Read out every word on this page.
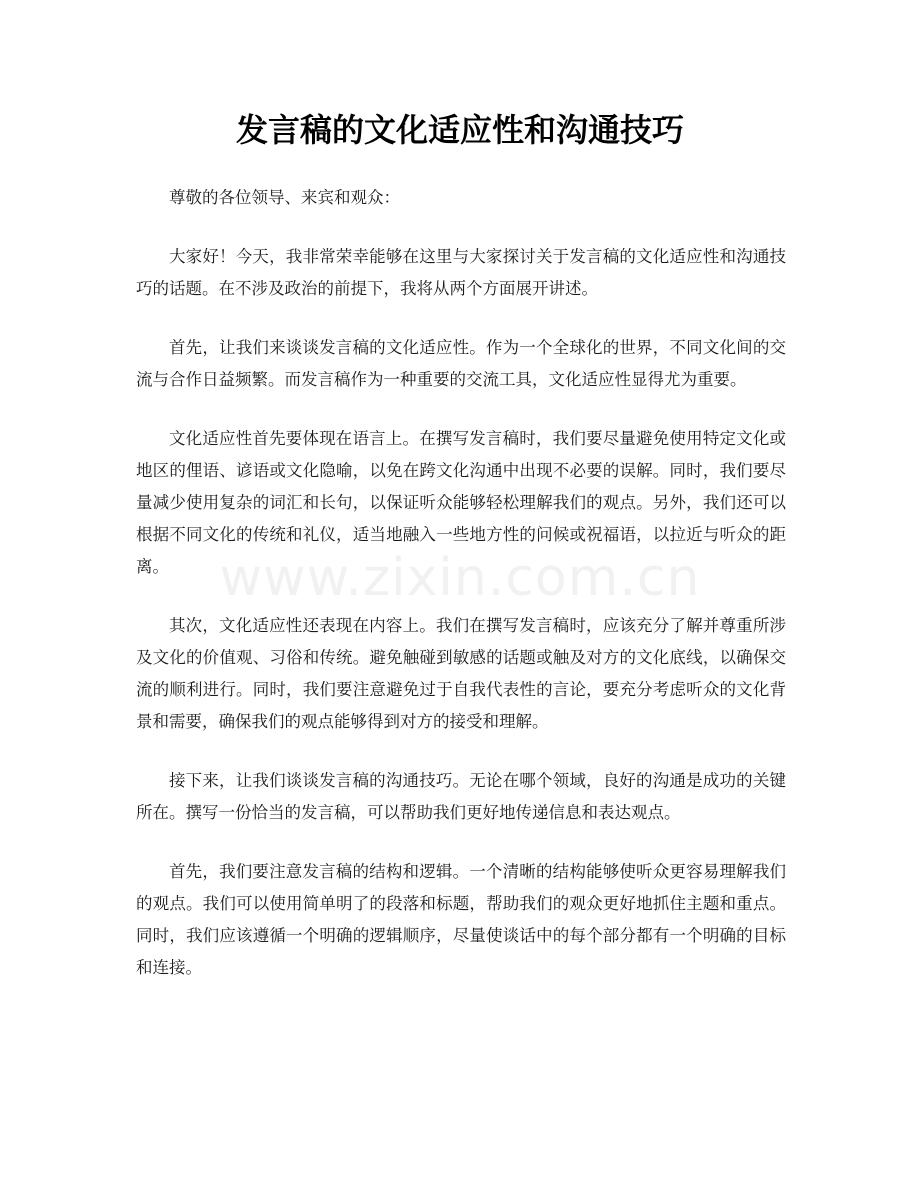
发言稿的文化适应性和沟通技巧

尊敬的各位领导、来宾和观众：

大家好！今天，我非常荣幸能够在这里与大家探讨关于发言稿的文化适应性和沟通技巧的话题。在不涉及政治的前提下，我将从两个方面展开讲述。

首先，让我们来谈谈发言稿的文化适应性。作为一个全球化的世界，不同文化间的交流与合作日益频繁。而发言稿作为一种重要的交流工具，文化适应性显得尤为重要。

文化适应性首先要体现在语言上。在撰写发言稿时，我们要尽量避免使用特定文化或地区的俚语、谚语或文化隐喻，以免在跨文化沟通中出现不必要的误解。同时，我们要尽量减少使用复杂的词汇和长句，以保证听众能够轻松理解我们的观点。另外，我们还可以根据不同文化的传统和礼仪，适当地融入一些地方性的问候或祝福语，以拉近与听众的距离。

其次，文化适应性还表现在内容上。我们在撰写发言稿时，应该充分了解并尊重所涉及文化的价值观、习俗和传统。避免触碰到敏感的话题或触及对方的文化底线，以确保交流的顺利进行。同时，我们要注意避免过于自我代表性的言论，要充分考虑听众的文化背景和需要，确保我们的观点能够得到对方的接受和理解。

接下来，让我们谈谈发言稿的沟通技巧。无论在哪个领域，良好的沟通是成功的关键所在。撰写一份恰当的发言稿，可以帮助我们更好地传递信息和表达观点。

首先，我们要注意发言稿的结构和逻辑。一个清晰的结构能够使听众更容易理解我们的观点。我们可以使用简单明了的段落和标题，帮助我们的观众更好地抓住主题和重点。同时，我们应该遵循一个明确的逻辑顺序，尽量使谈话中的每个部分都有一个明确的目标和连接。

www.zixin.com.cn
